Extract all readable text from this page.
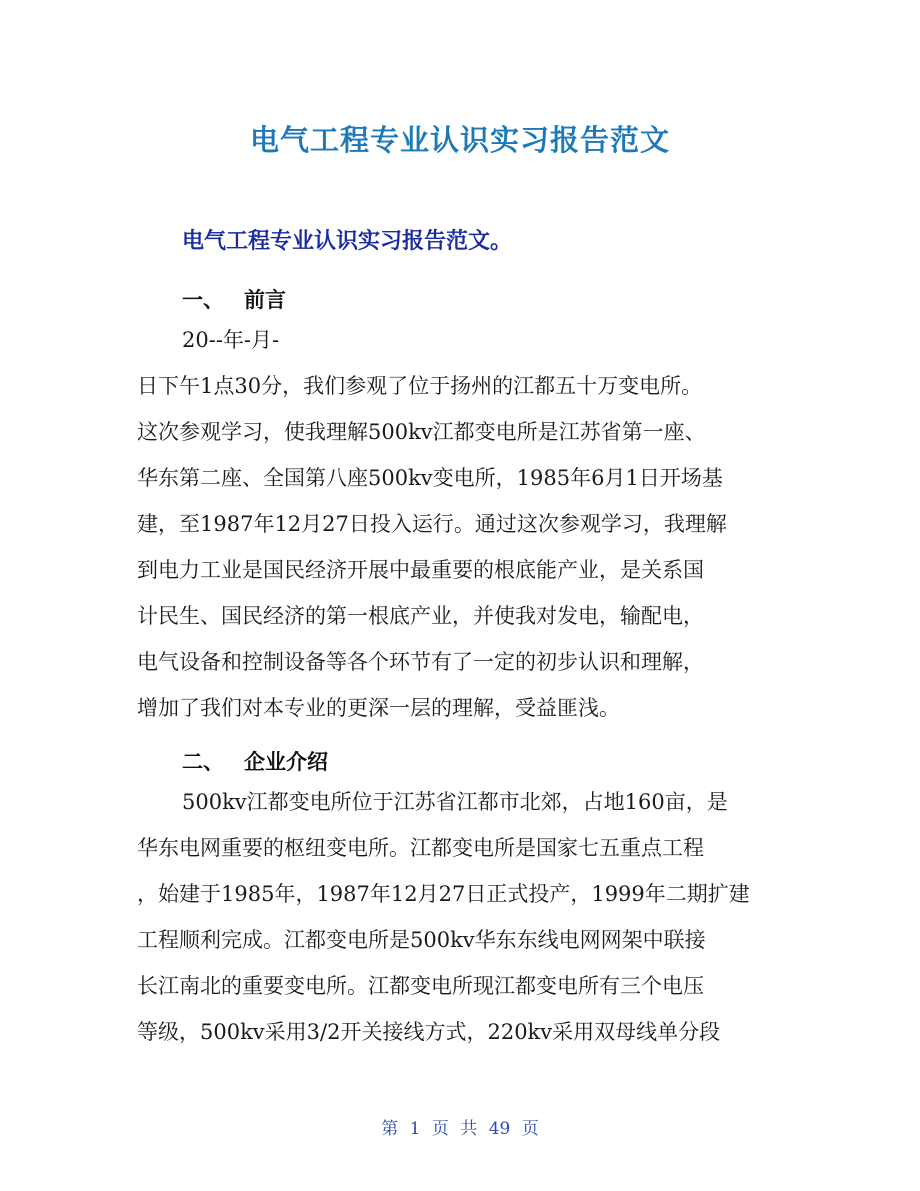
电气工程专业认识实习报告范文
电气工程专业认识实习报告范文。
一、 前言
20--年-月-
日下午1点30分，我们参观了位于扬州的江都五十万变电所。
这次参观学习，使我理解500kv江都变电所是江苏省第一座、
华东第二座、全国第八座500kv变电所，1985年6月1日开场基
建，至1987年12月27日投入运行。通过这次参观学习，我理解
到电力工业是国民经济开展中最重要的根底能产业，是关系国
计民生、国民经济的第一根底产业，并使我对发电，输配电，
电气设备和控制设备等各个环节有了一定的初步认识和理解，
增加了我们对本专业的更深一层的理解，受益匪浅。
二、 企业介绍
500kv江都变电所位于江苏省江都市北郊，占地160亩，是
华东电网重要的枢纽变电所。江都变电所是国家七五重点工程
，始建于1985年，1987年12月27日正式投产，1999年二期扩建
工程顺利完成。江都变电所是500kv华东东线电网网架中联接
长江南北的重要变电所。江都变电所现江都变电所有三个电压
等级，500kv采用3/2开关接线方式，220kv采用双母线单分段
第 1 页 共 49 页
